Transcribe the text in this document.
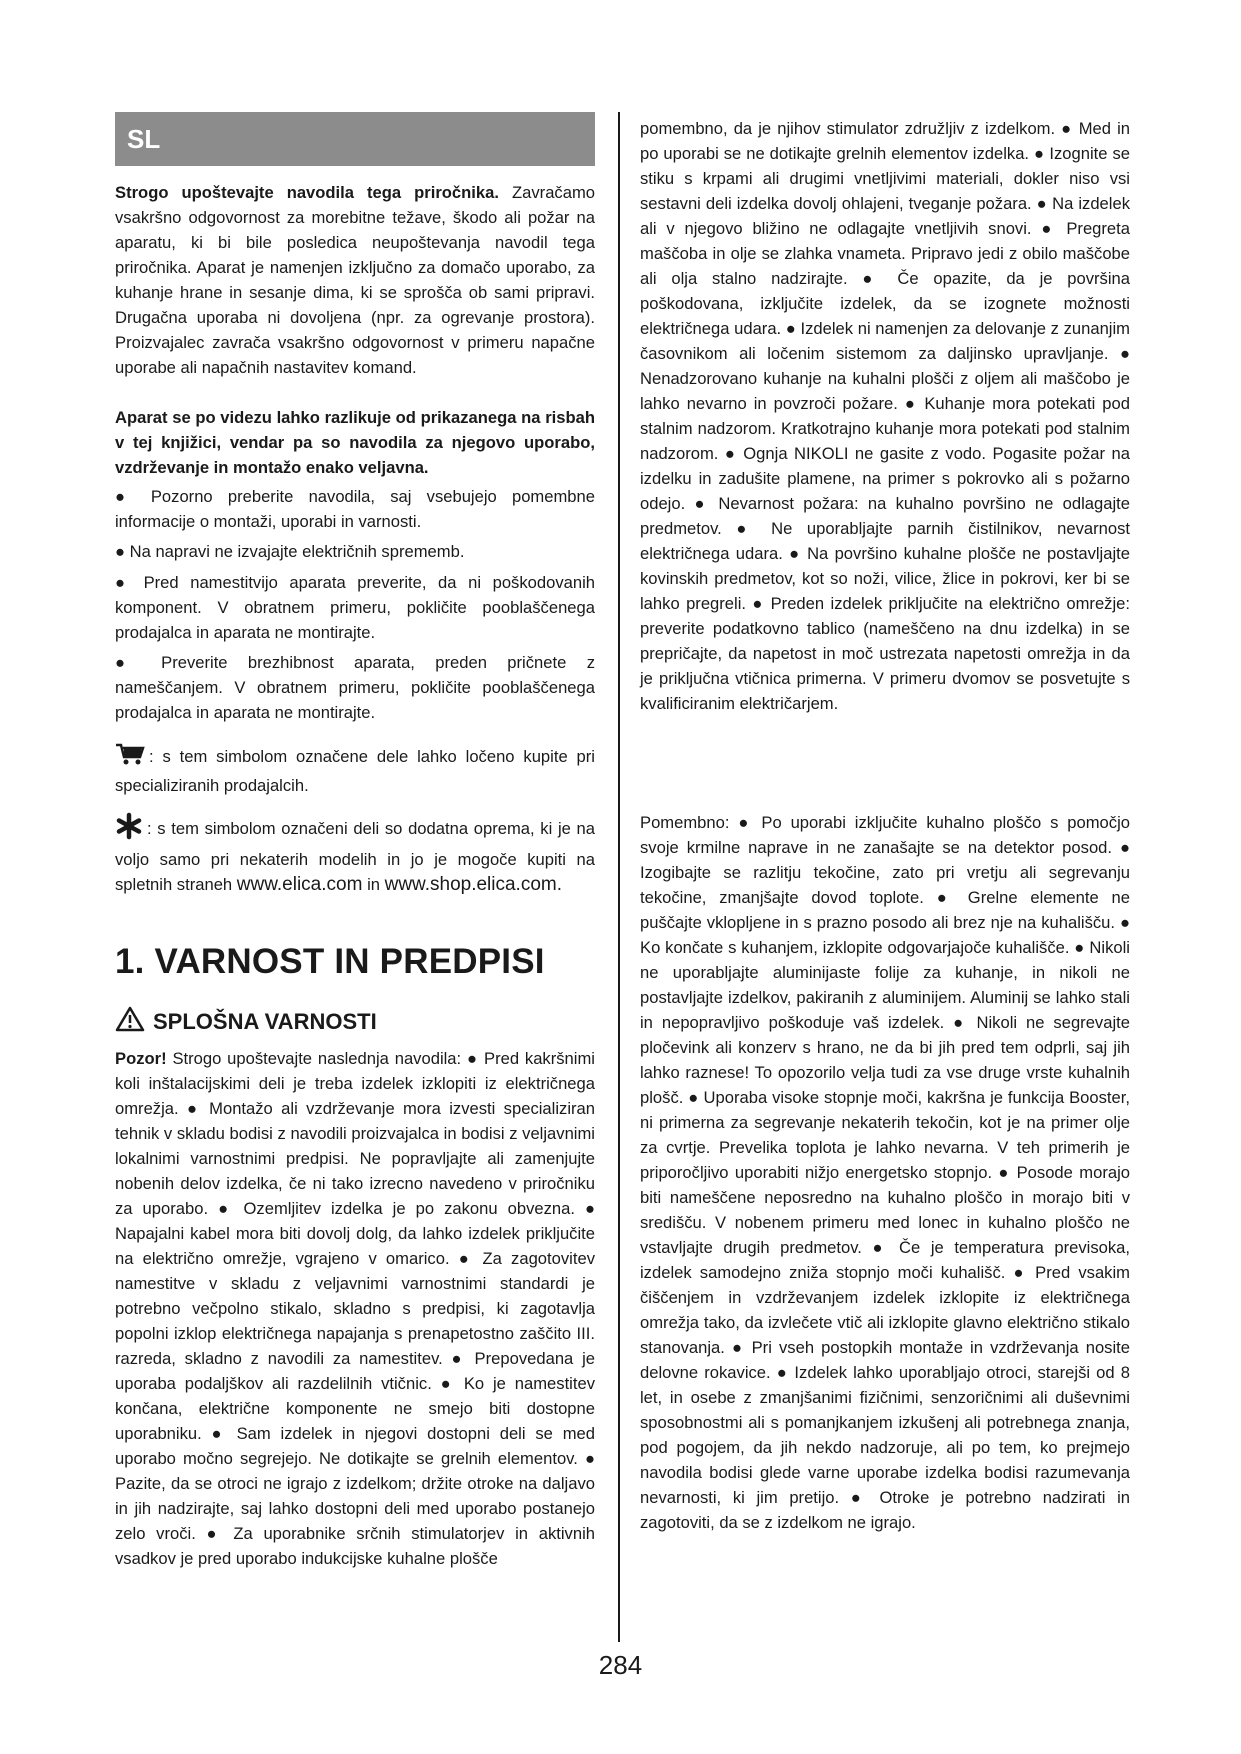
SL

Strogo upoštevajte navodila tega priročnika. Zavračamo vsakršno odgovornost za morebitne težave, škodo ali požar na aparatu, ki bi bile posledica neupoštevanja navodil tega priročnika. Aparat je namenjen izključno za domačo uporabo, za kuhanje hrane in sesanje dima, ki se sprošča ob sami pripravi. Drugačna uporaba ni dovoljena (npr. za ogrevanje prostora). Proizvajalec zavrača vsakršno odgovornost v primeru napačne uporabe ali napačnih nastavitev komand.

Aparat se po videzu lahko razlikuje od prikazanega na risbah v tej knjižici, vendar pa so navodila za njegovo uporabo, vzdrževanje in montažo enako veljavna.

● Pozorno preberite navodila, saj vsebujejo pomembne informacije o montaži, uporabi in varnosti.

● Na napravi ne izvajajte električnih sprememb.

● Pred namestitvijo aparata preverite, da ni poškodovanih komponent. V obratnem primeru, pokličite pooblaščenega prodajalca in aparata ne montirajte.

● Preverite brezhibnost aparata, preden pričnete z nameščanjem. V obratnem primeru, pokličite pooblaščenega prodajalca in aparata ne montirajte.

: s tem simbolom označene dele lahko ločeno kupite pri specializiranih prodajalcih.

: s tem simbolom označeni deli so dodatna oprema, ki je na voljo samo pri nekaterih modelih in jo je mogoče kupiti na spletnih straneh www.elica.com in www.shop.elica.com.

1. VARNOST IN PREDPISI
SPLOŠNA VARNOSTI

Pozor! Strogo upoštevajte naslednja navodila: ● Pred kakršnimi koli inštalacijskimi deli je treba izdelek izklopiti iz električnega omrežja. ● Montažo ali vzdrževanje mora izvesti specializiran tehnik v skladu bodisi z navodili proizvajalca in bodisi z veljavnimi lokalnimi varnostnimi predpisi. Ne popravljajte ali zamenjujte nobenih delov izdelka, če ni tako izrecno navedeno v priročniku za uporabo. ● Ozemljitev izdelka je po zakonu obvezna. ● Napajalni kabel mora biti dovolj dolg, da lahko izdelek priključite na električno omrežje, vgrajeno v omarico. ● Za zagotovitev namestitve v skladu z veljavnimi varnostnimi standardi je potrebno večpolno stikalo, skladno s predpisi, ki zagotavlja popolni izklop električnega napajanja s prenapetostno zaščito III. razreda, skladno z navodili za namestitev. ● Prepovedana je uporaba podaljškov ali razdelilnih vtičnic. ● Ko je namestitev končana, električne komponente ne smejo biti dostopne uporabniku. ● Sam izdelek in njegovi dostopni deli se med uporabo močno segrejejo. Ne dotikajte se grelnih elementov. ● Pazite, da se otroci ne igrajo z izdelkom; držite otroke na daljavo in jih nadzirajte, saj lahko dostopni deli med uporabo postanejo zelo vroči. ● Za uporabnike srčnih stimulatorjev in aktivnih vsadkov je pred uporabo indukcijske kuhalne plošče

pomembno, da je njihov stimulator združljiv z izdelkom. ● Med in po uporabi se ne dotikajte grelnih elementov izdelka. ● Izognite se stiku s krpami ali drugimi vnetljivimi materiali, dokler niso vsi sestavni deli izdelka dovolj ohlajeni, tveganje požara. ● Na izdelek ali v njegovo bližino ne odlagajte vnetljivih snovi. ● Pregreta maščoba in olje se zlahka vnameta. Pripravo jedi z obilo maščobe ali olja stalno nadzirajte. ● Če opazite, da je površina poškodovana, izključite izdelek, da se izognete možnosti električnega udara. ● Izdelek ni namenjen za delovanje z zunanjim časovnikom ali ločenim sistemom za daljinsko upravljanje. ● Nenadzorovano kuhanje na kuhalni plošči z oljem ali maščobo je lahko nevarno in povzroči požare. ● Kuhanje mora potekati pod stalnim nadzorom. Kratkotrajno kuhanje mora potekati pod stalnim nadzorom. ● Ognja NIKOLI ne gasite z vodo. Pogasite požar na izdelku in zadušite plamene, na primer s pokrovko ali s požarno odejo. ● Nevarnost požara: na kuhalno površino ne odlagajte predmetov. ● Ne uporabljajte parnih čistilnikov, nevarnost električnega udara. ● Na površino kuhalne plošče ne postavljajte kovinskih predmetov, kot so noži, vilice, žlice in pokrovi, ker bi se lahko pregreli. ● Preden izdelek priključite na električno omrežje: preverite podatkovno tablico (nameščeno na dnu izdelka) in se prepričajte, da napetost in moč ustrezata napetosti omrežja in da je priključna vtičnica primerna. V primeru dvomov se posvetujte s kvalificiranim električarjem.

Pomembno: ● Po uporabi izključite kuhalno ploščo s pomočjo svoje krmilne naprave in ne zanašajte se na detektor posod. ● Izogibajte se razlitju tekočine, zato pri vretju ali segrevanju tekočine, zmanjšajte dovod toplote. ● Grelne elemente ne puščajte vklopljene in s prazno posodo ali brez nje na kuhališču. ● Ko končate s kuhanjem, izklopite odgovarjajoče kuhališče. ● Nikoli ne uporabljajte aluminijaste folije za kuhanje, in nikoli ne postavljajte izdelkov, pakiranih z aluminijem. Aluminij se lahko stali in nepopravljivo poškoduje vaš izdelek. ● Nikoli ne segrevajte pločevink ali konzerv s hrano, ne da bi jih pred tem odprli, saj jih lahko raznese! To opozorilo velja tudi za vse druge vrste kuhalnih plošč. ● Uporaba visoke stopnje moči, kakršna je funkcija Booster, ni primerna za segrevanje nekaterih tekočin, kot je na primer olje za cvrtje. Prevelika toplota je lahko nevarna. V teh primerih je priporočljivo uporabiti nižjo energetsko stopnjo. ● Posode morajo biti nameščene neposredno na kuhalno ploščo in morajo biti v središču. V nobenem primeru med lonec in kuhalno ploščo ne vstavljajte drugih predmetov. ● Če je temperatura previsoka, izdelek samodejno zniža stopnjo moči kuhališč. ● Pred vsakim čiščenjem in vzdrževanjem izdelek izklopite iz električnega omrežja tako, da izvlečete vtič ali izklopite glavno električno stikalo stanovanja. ● Pri vseh postopkih montaže in vzdrževanja nosite delovne rokavice. ● Izdelek lahko uporabljajo otroci, starejši od 8 let, in osebe z zmanjšanimi fizičnimi, senzoričnimi ali duševnimi sposobnostmi ali s pomanjkanjem izkušenj ali potrebnega znanja, pod pogojem, da jih nekdo nadzoruje, ali po tem, ko prejmejo navodila bodisi glede varne uporabe izdelka bodisi razumevanja nevarnosti, ki jim pretijo. ● Otroke je potrebno nadzirati in zagotoviti, da se z izdelkom ne igrajo.

284
